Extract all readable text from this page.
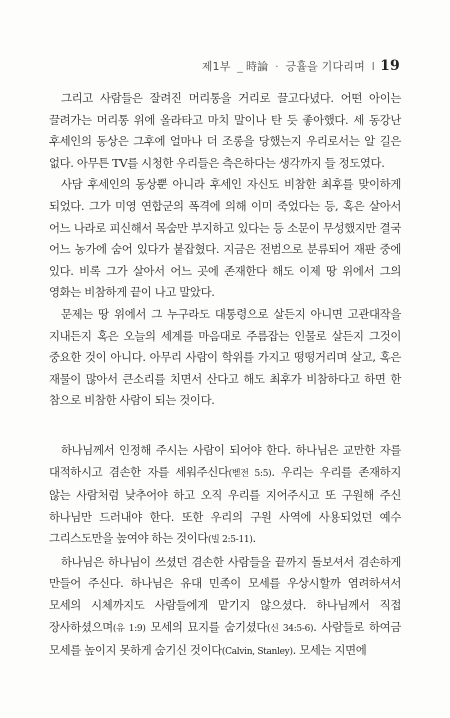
제1부 _ 時論 · 긍휼을 기다리며 I 19

그리고 사람들은 잘려진 머리통을 거리로 끌고다녔다. 어떤 아이는 끌려가는 머리통 위에 올라타고 마치 말이나 탄 듯 좋아했다. 세 동강난 후세인의 동상은 그후에 얼마나 더 조롱을 당했는지 우리로서는 알 길은 없다. 아무튼 TV를 시청한 우리들은 측은하다는 생각까지 들 정도였다.

사담 후세인의 동상뿐 아니라 후세인 자신도 비참한 최후를 맞이하게 되었다. 그가 미영 연합군의 폭격에 의해 이미 죽었다는 등, 혹은 살아서 어느 나라로 피신해서 목숨만 부지하고 있다는 등 소문이 무성했지만 결국 어느 농가에 숨어 있다가 붙잡혔다. 지금은 전범으로 분류되어 재판 중에 있다. 비록 그가 살아서 어느 곳에 존재한다 해도 이제 땅 위에서 그의 영화는 비참하게 끝이 나고 말았다.

문제는 땅 위에서 그 누구라도 대통령으로 살든지 아니면 고관대작을 지내든지 혹은 오늘의 세계를 마음대로 주름잡는 인물로 살든지 그것이 중요한 것이 아니다. 아무리 사람이 학위를 가지고 떵떵거리며 살고, 혹은 재물이 많아서 큰소리를 치면서 산다고 해도 최후가 비참하다고 하면 한 참으로 비참한 사람이 되는 것이다.

하나님께서 인정해 주시는 사람이 되어야 한다. 하나님은 교만한 자를 대적하시고 겸손한 자를 세워주신다(벧전 5:5). 우리는 우리를 존재하지 않는 사람처럼 낮추어야 하고 오직 우리를 지어주시고 또 구원해 주신 하나님만 드러내야 한다. 또한 우리의 구원 사역에 사용되었던 예수 그리스도만을 높여야 하는 것이다(빌 2:5-11).

하나님은 하나님이 쓰셨던 겸손한 사람들을 끝까지 돌보셔서 겸손하게 만들어 주신다. 하나님은 유대 민족이 모세를 우상시할까 염려하셔서 모세의 시체까지도 사람들에게 맡기지 않으셨다. 하나님께서 직접 장사하셨으며(유 1:9) 모세의 묘지를 숨기셨다(신 34:5-6). 사람들로 하여금 모세를 높이지 못하게 숨기신 것이다(Calvin, Stanley). 모세는 지면에
